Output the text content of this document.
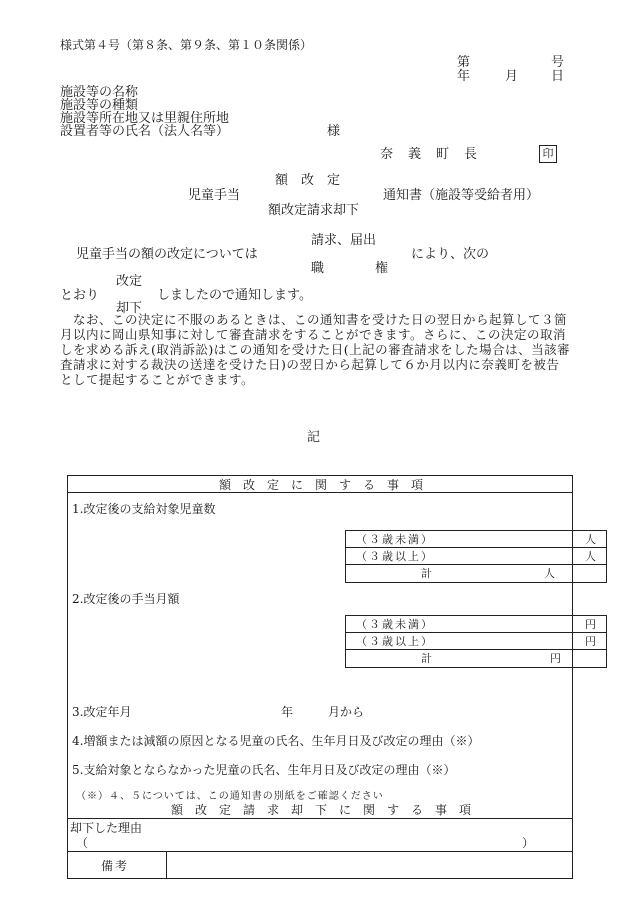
様式第４号（第８条、第９条、第１０条関係）
第	号
年	月	日
施設等の名称
施設等の種類
施設等所在地又は里親住所地
設置者等の氏名（法人名等）	様
奈　義　町　長	印
額　改　定
児童手当	通知書（施設等受給者用）
額改定請求却下
請求、届出
児童手当の額の改定については	により、次の
職	権
改定
とおり	しましたので通知します。
却下
　なお、この決定に不服のあるときは、この通知書を受けた日の翌日から起算して３箇月以内に岡山県知事に対して審査請求をすることができます。さらに、この決定の取消しを求める訴え(取消訴訟)はこの通知を受けた日(上記の審査請求をした場合は、当該審査請求に対する裁決の送達を受けた日)の翌日から起算して６か月以内に奈義町を被告として提起することができます。
記
額　改　定　に　関　す　る　事　項
1.改定後の支給対象児童数
（３歳未満）	人
（３歳以上）	人
計	人
2.改定後の手当月額
（３歳未満）	円
（３歳以上）	円
計	円
3.改定年月	年	月から
4.増額または減額の原因となる児童の氏名、生年月日及び改定の理由（※）
5.支給対象とならなかった児童の氏名、生年月日及び改定の理由（※）
（※）４、５については、この通知書の別紙をご確認ください
額　改　定　請　求　却　下　に　関　す　る　事　項
却下した理由
（	）
備考
